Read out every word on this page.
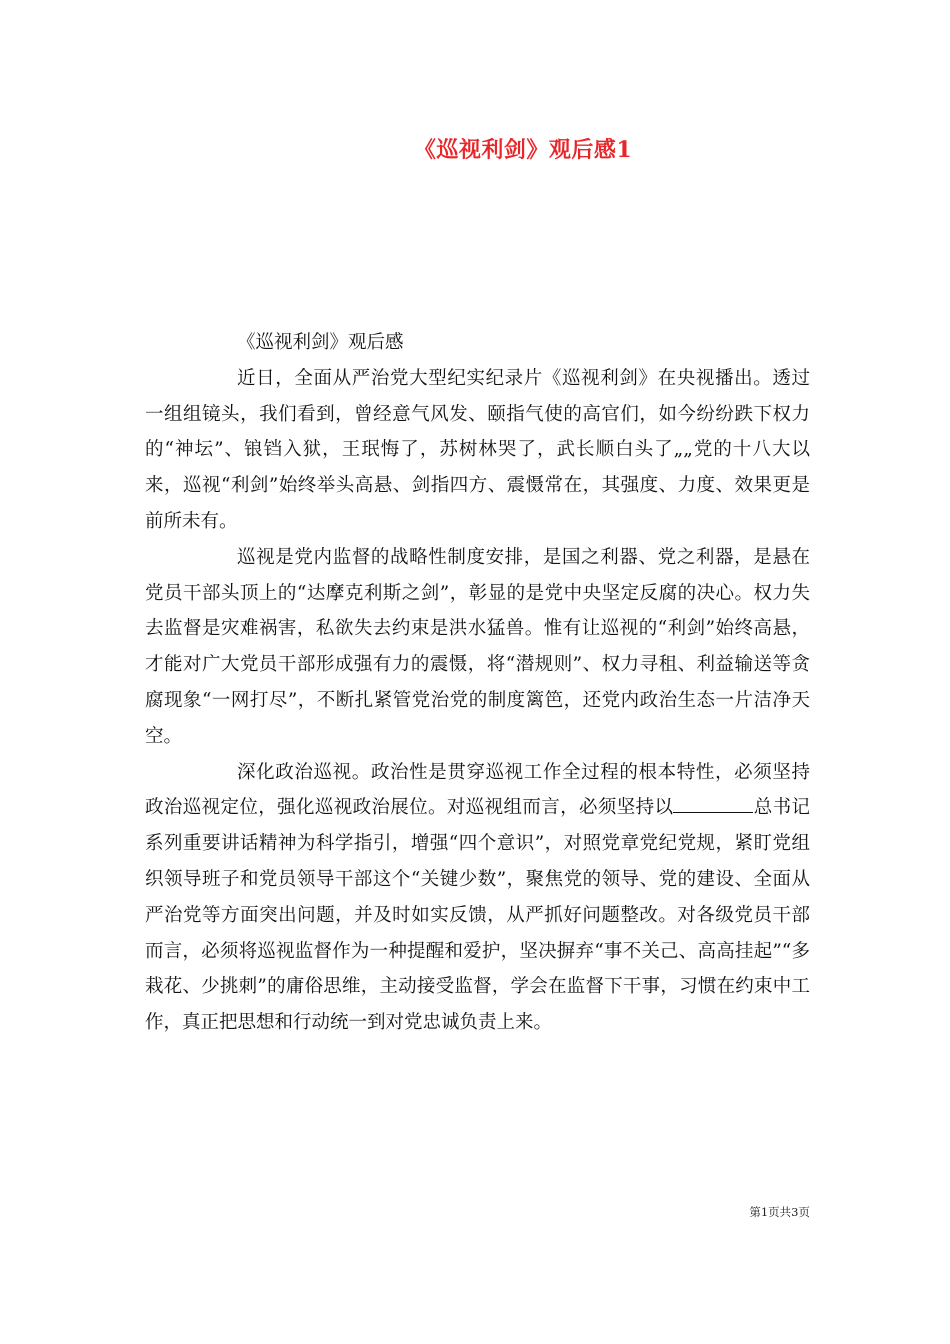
《巡视利剑》观后感1

《巡视利剑》观后感

近日，全面从严治党大型纪实纪录片《巡视利剑》在央视播出。透过一组组镜头，我们看到，曾经意气风发、颐指气使的高官们，如今纷纷跌下权力的“神坛”、锒铛入狱，王珉悔了，苏树林哭了，武长顺白头了„„党的十八大以来，巡视“利剑”始终举头高悬、剑指四方、震慑常在，其强度、力度、效果更是前所未有。

巡视是党内监督的战略性制度安排，是国之利器、党之利器，是悬在党员干部头顶上的“达摩克利斯之剑”，彰显的是党中央坚定反腐的决心。权力失去监督是灾难祸害，私欲失去约束是洪水猛兽。惟有让巡视的“利剑”始终高悬，才能对广大党员干部形成强有力的震慑，将“潜规则”、权力寻租、利益输送等贪腐现象“一网打尽”，不断扎紧管党治党的制度篱笆，还党内政治生态一片洁净天空。

深化政治巡视。政治性是贯穿巡视工作全过程的根本特性，必须坚持政治巡视定位，强化巡视政治展位。对巡视组而言，必须坚持以	总书记系列重要讲话精神为科学指引，增强“四个意识”，对照党章党纪党规，紧盯党组织领导班子和党员领导干部这个“关键少数”，聚焦党的领导、党的建设、全面从严治党等方面突出问题，并及时如实反馈，从严抓好问题整改。对各级党员干部而言，必须将巡视监督作为一种提醒和爱护，坚决摒弃“事不关己、高高挂起”“多栽花、少挑刺”的庸俗思维，主动接受监督，学会在监督下干事，习惯在约束中工作，真正把思想和行动统一到对党忠诚负责上来。

第1页共3页
